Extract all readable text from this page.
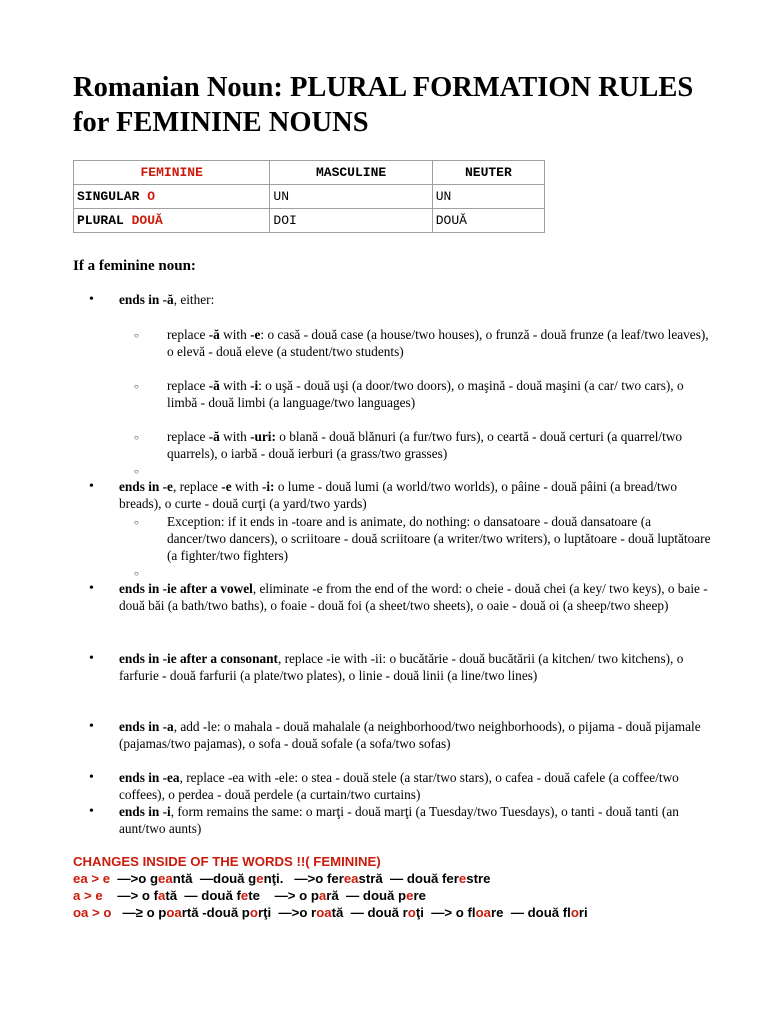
Romanian Noun: PLURAL FORMATION RULES for FEMININE NOUNS
FEMININE	MASCULINE	NEUTER
SINGULAR O	UN	UN
PLURAL DOUĂ	DOI	DOUĂ

If a feminine noun:

• ends in -ă, either:
○ replace -ă with -e: o casă - două case (a house/two houses), o frunză - două frunze (a leaf/two leaves), o elevă - două eleve (a student/two students)
○ replace -ă with -i: o uşă - două uşi (a door/two doors), o maşină - două maşini (a car/ two cars), o limbă - două limbi (a language/two languages)
○ replace -ă with -uri: o blană - două blănuri (a fur/two furs), o ceartă - două certuri (a quarrel/two quarrels), o iarbă - două ierburi (a grass/two grasses)
○
• ends in -e, replace -e with -i: o lume - două lumi (a world/two worlds), o pâine - două pâini (a bread/two breads), o curte - două curţi (a yard/two yards)
○ Exception: if it ends in -toare and is animate, do nothing: o dansatoare - două dansatoare (a dancer/two dancers), o scriitoare - două scriitoare (a writer/two writers), o luptătoare - două luptătoare (a fighter/two fighters)
○
• ends in -ie after a vowel, eliminate -e from the end of the word: o cheie - două chei (a key/ two keys), o baie - două băi (a bath/two baths), o foaie - două foi (a sheet/two sheets), o oaie - două oi (a sheep/two sheep)
• ends in -ie after a consonant, replace -ie with -ii: o bucătărie - două bucătării (a kitchen/ two kitchens), o farfurie - două farfurii (a plate/two plates), o linie - două linii (a line/two lines)
• ends in -a, add -le: o mahala - două mahalale (a neighborhood/two neighborhoods), o pijama - două pijamale (pajamas/two pajamas), o sofa - două sofale (a sofa/two sofas)
• ends in -ea, replace -ea with -ele: o stea - două stele (a star/two stars), o cafea - două cafele (a coffee/two coffees), o perdea - două perdele (a curtain/two curtains)
• ends in -i, form remains the same: o marţi - două marţi (a Tuesday/two Tuesdays), o tanti - două tanti (an aunt/two aunts)
CHANGES INSIDE OF THE WORDS !!( FEMININE)
ea > e  —>o geantă  —două genţi.   —>o fereastră  — două ferestre
a > e    —> o fată  — două fete    —> o pară  — două pere
oa > o   —≥ o poartă -două porţi  —>o roată  — două roţi  —> o floare  — două flori
